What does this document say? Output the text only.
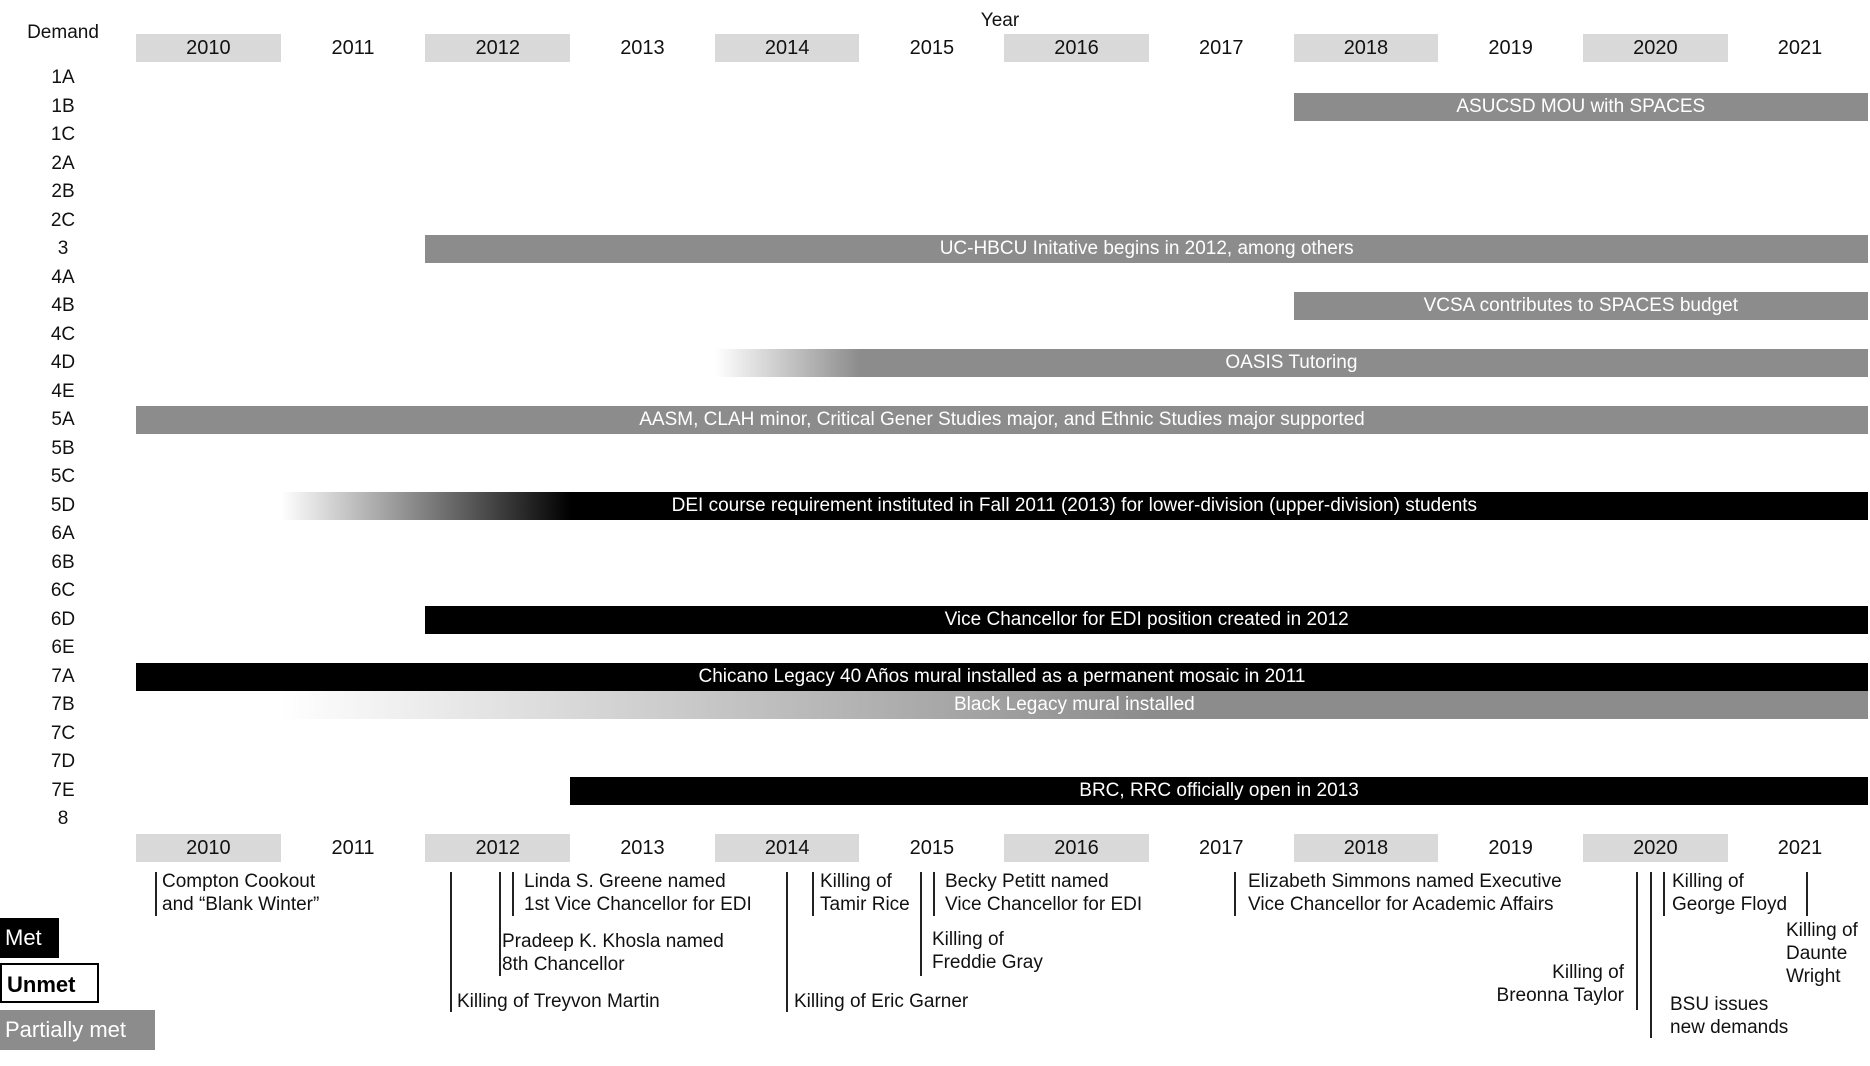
Year
Demand
2010	2011	2012	2013	2014	2015	2016	2017	2018	2019	2020	2021
2010	2011	2012	2013	2014	2015	2016	2017	2018	2019	2020	2021
1A
1B
1C
2A
2B
2C
3
4A
4B
4C
4D
4E
5A
5B
5C
5D
6A
6B
6C
6D
6E
7A
7B
7C
7D
7E
8
ASUCSD MOU with SPACES
UC-HBCU Initative begins in 2012, among others
VCSA contributes to SPACES budget
OASIS Tutoring
AASM, CLAH minor, Critical Gener Studies major, and Ethnic Studies major supported
DEI course requirement instituted in Fall 2011 (2013) for lower-division (upper-division) students
Vice Chancellor for EDI position created in 2012
Chicano Legacy 40 Años mural installed as a permanent mosaic in 2011
Black Legacy mural installed
BRC, RRC officially open in 2013
Compton Cookout
and “Blank Winter”
Killing of Treyvon Martin
Pradeep K. Khosla named
8th Chancellor
Linda S. Greene named
1st Vice Chancellor for EDI
Killing of Eric Garner
Killing of
Tamir Rice
Killing of
Freddie Gray
Becky Petitt named
Vice Chancellor for EDI
Elizabeth Simmons named Executive
Vice Chancellor for Academic Affairs
Killing of
Breonna Taylor BSU issues
new demands
Killing of
George Floyd
Killing of
Daunte
Wright
Met
Unmet
Partially met
